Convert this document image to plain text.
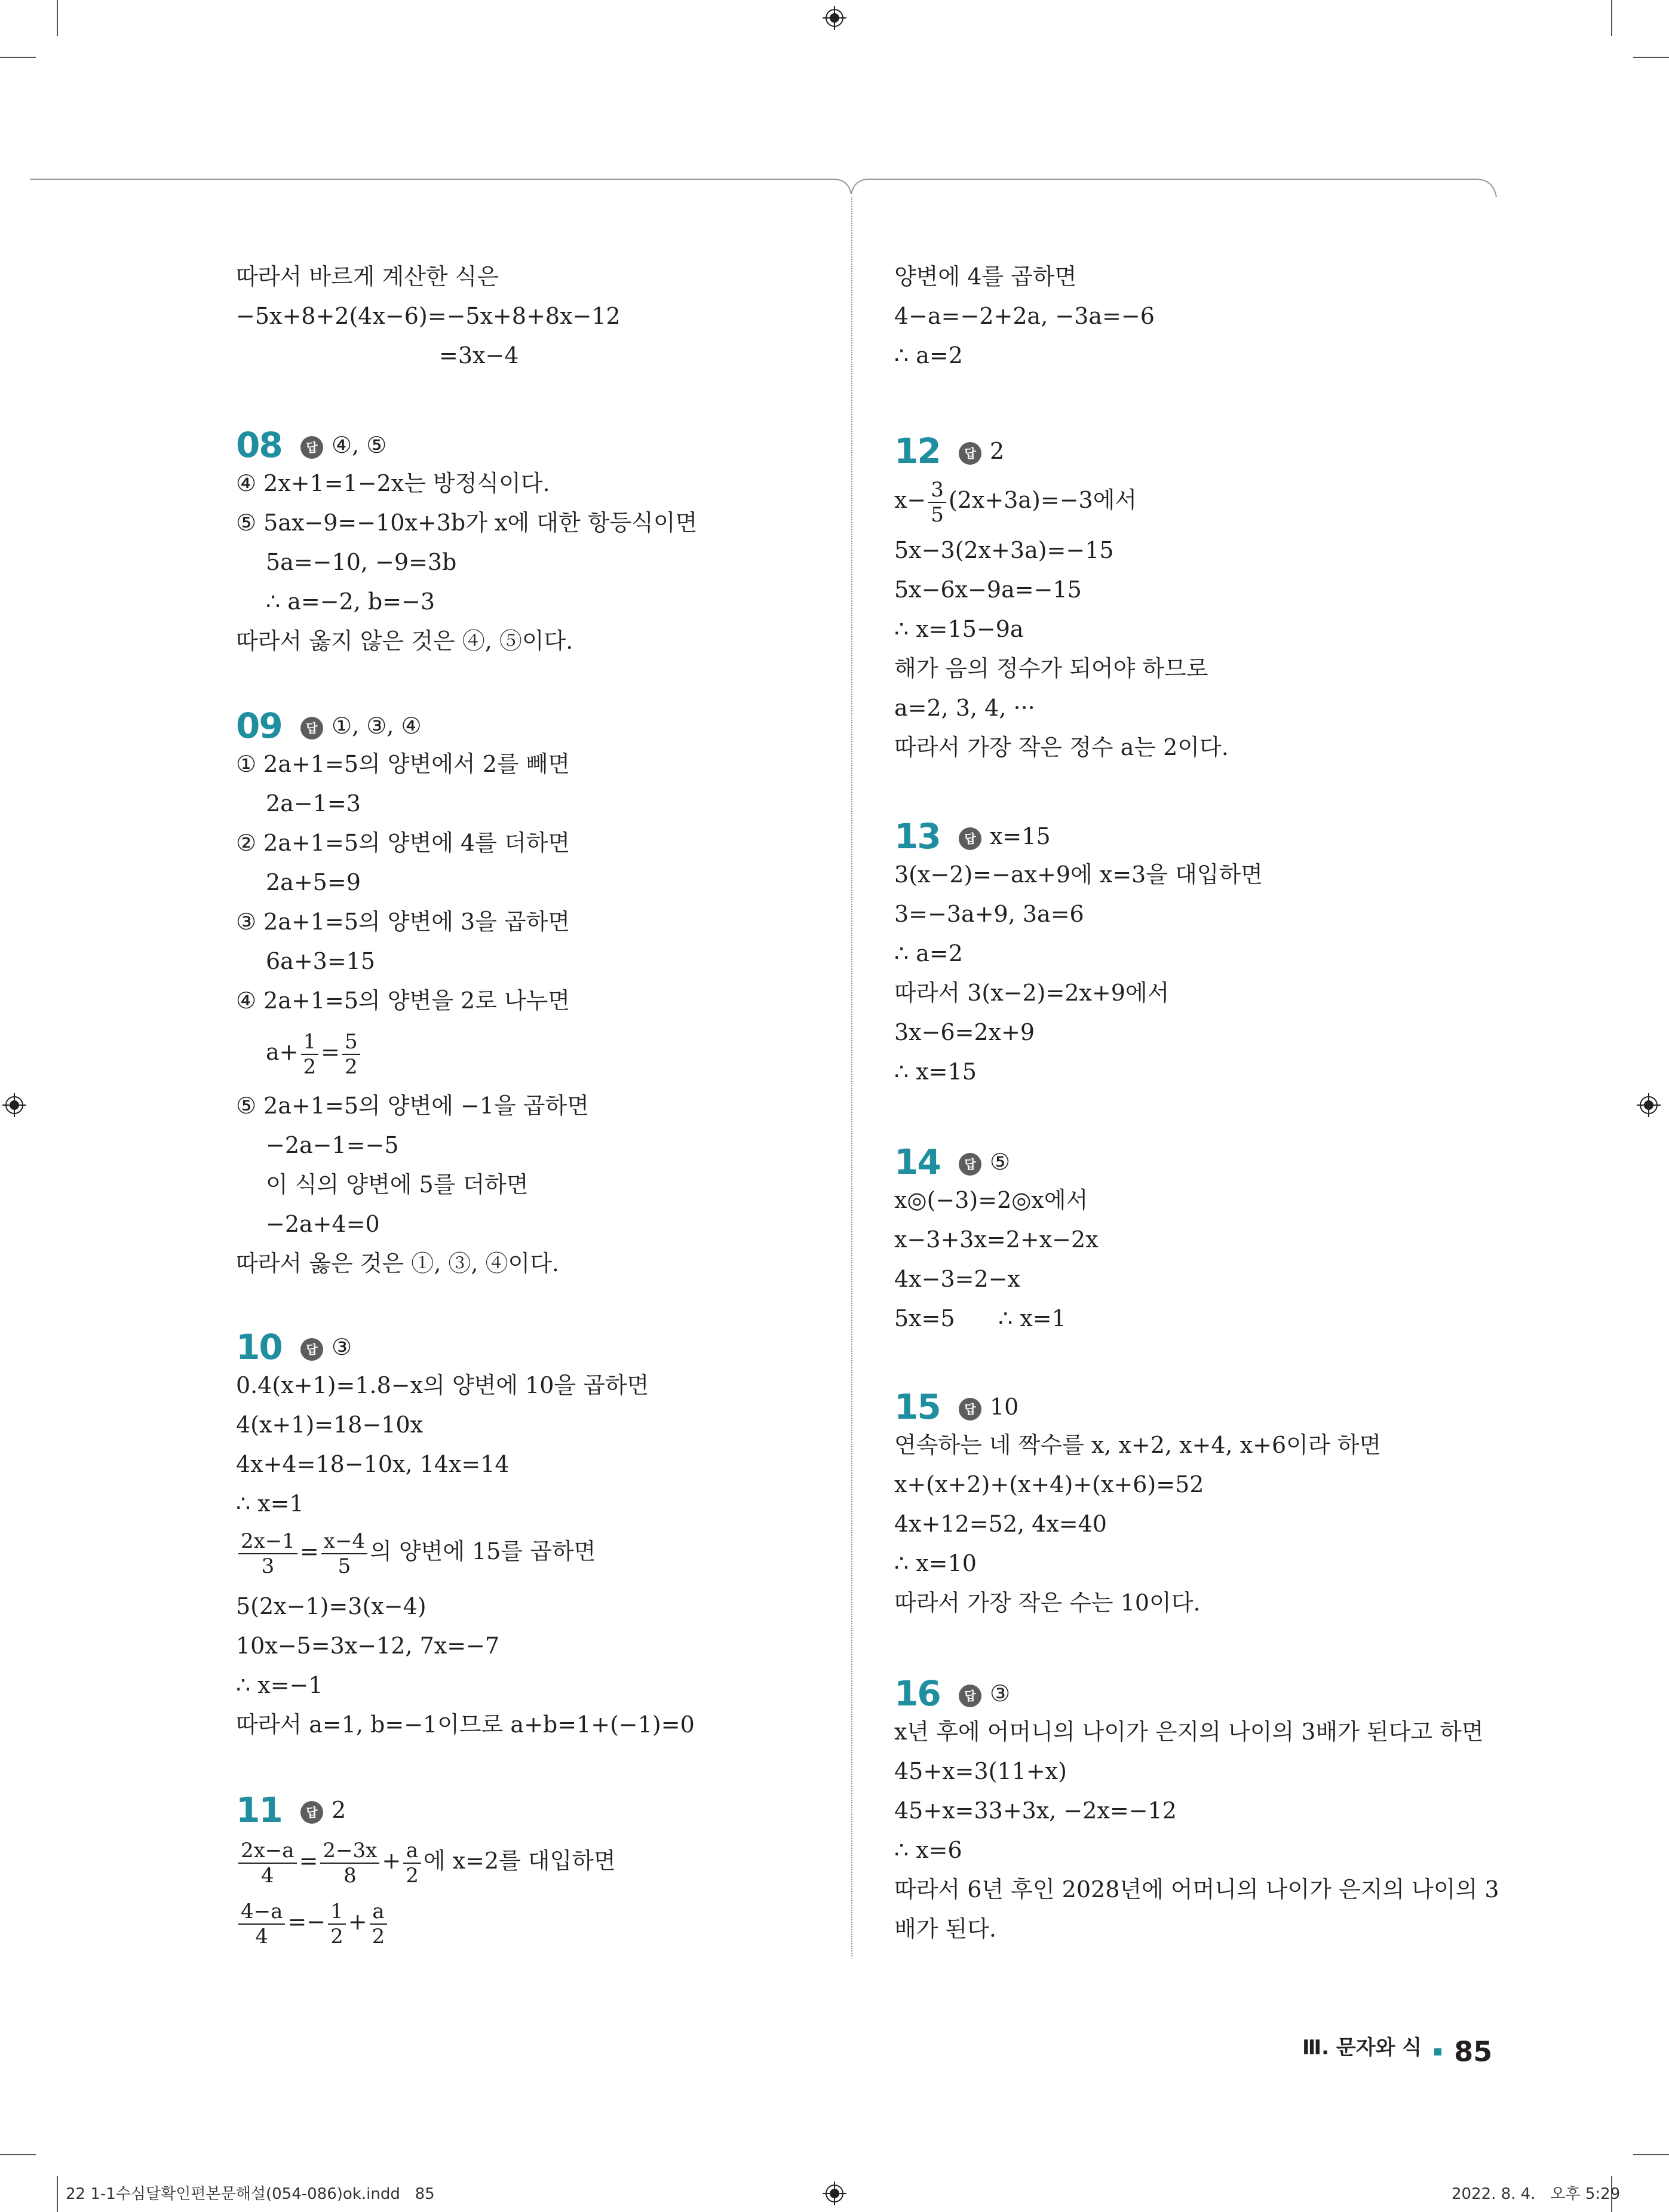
따라서 바르게 계산한 식은
−5x+8+2(4x−6)=−5x+8+8x−12
=3x−4
08	답 ④, ⑤
④ 2x+1=1−2x는 방정식이다.
⑤ 5ax−9=−10x+3b가 x에 대한 항등식이면
5a=−10, −9=3b
∴ a=−2, b=−3
따라서 옳지 않은 것은 ④, ⑤이다.
09	답 ①, ③, ④
① 2a+1=5의 양변에서 2를 빼면
2a−1=3
② 2a+1=5의 양변에 4를 더하면
2a+5=9
③ 2a+1=5의 양변에 3을 곱하면
6a+3=15
④ 2a+1=5의 양변을 2로 나누면
$a+ \frac{1}{2} = \frac{5}{2}$
⑤ 2a+1=5의 양변에 −1을 곱하면
−2a−1=−5
이 식의 양변에 5를 더하면
−2a+4=0
따라서 옳은 것은 ①, ③, ④이다.
10	답 ③
0.4(x+1)=1.8−x의 양변에 10을 곱하면
4(x+1)=18−10x
4x+4=18−10x, 14x=14
∴ x=1
$\frac{2x-1}{3} = \frac{x-4}{5}$ 의 양변에 15를 곱하면
5(2x−1)=3(x−4)
10x−5=3x−12, 7x=−7
∴ x=−1
따라서 a=1, b=−1이므로 a+b=1+(−1)=0
11	답 2
$\frac{2x-a}{4} = \frac{2-3x}{8} + \frac{a}{2}$ 에 x=2를 대입하면
$\frac{4-a}{4} =- \frac{1}{2} + \frac{a}{2}$
양변에 4를 곱하면
4−a=−2+2a, −3a=−6
∴ a=2
12	답 2
$x- \frac{3}{5} (2x+3a)=-3$에서
5x−3(2x+3a)=−15
5x−6x−9a=−15
∴ x=15−9a
해가 음의 정수가 되어야 하므로
a=2, 3, 4, ···
따라서 가장 작은 정수 a는 2이다.
13	답 x=15
3(x−2)=−ax+9에 x=3을 대입하면
3=−3a+9, 3a=6
∴ a=2
따라서 3(x−2)=2x+9에서
3x−6=2x+9
∴ x=15
14	답 ⑤
x◎(−3)=2◎x에서
x−3+3x=2+x−2x
4x−3=2−x
5x=5      ∴ x=1
15	답 10
연속하는 네 짝수를 x, x+2, x+4, x+6이라 하면
x+(x+2)+(x+4)+(x+6)=52
4x+12=52, 4x=40
∴ x=10
따라서 가장 작은 수는 10이다.
16	답 ③
x년 후에 어머니의 나이가 은지의 나이의 3배가 된다고 하면
45+x=3(11+x)
45+x=33+3x, −2x=−12
∴ x=6
따라서 6년 후인 2028년에 어머니의 나이가 은지의 나이의 3
배가 된다.
Ⅲ. 문자와 식 85
22 1-1수심달확인편본문해설(054-086)ok.indd   85	2022. 8. 4.   오후 5:29
